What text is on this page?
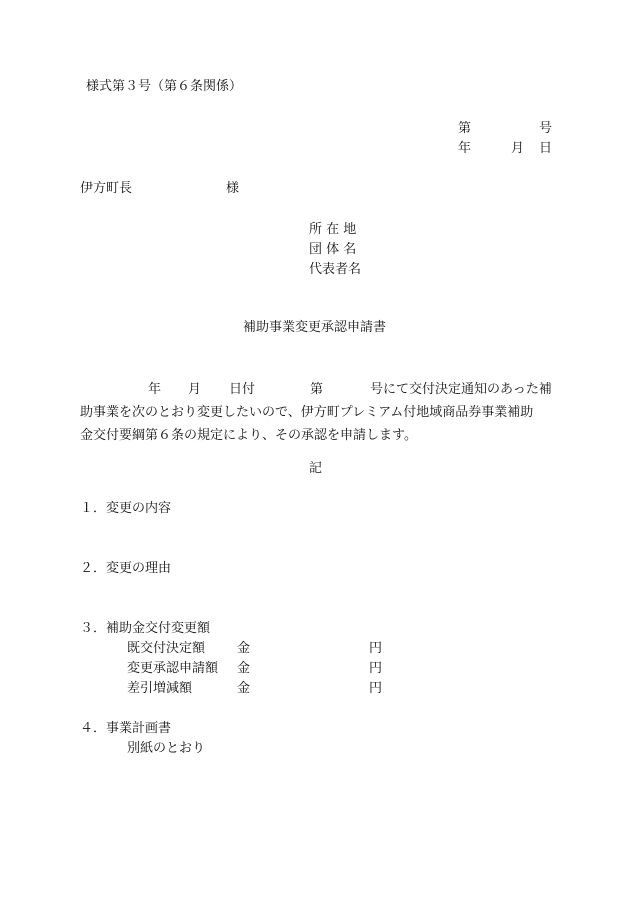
様式第３号（第６条関係）
第	号
年	月 日
伊方町長	様
所 在 地
団 体 名
代表者名
補助事業変更承認申請書
年 月 日付	第	号にて交付決定通知のあった補
助事業を次のとおり変更したいので、伊方町プレミアム付地域商品券事業補助
金交付要綱第６条の規定により、その承認を申請します。
記
１．変更の内容
２．変更の理由
３．補助金交付変更額
既交付決定額 金	円
変更承認申請額 金	円
差引増減額	金	円
４．事業計画書
別紙のとおり
